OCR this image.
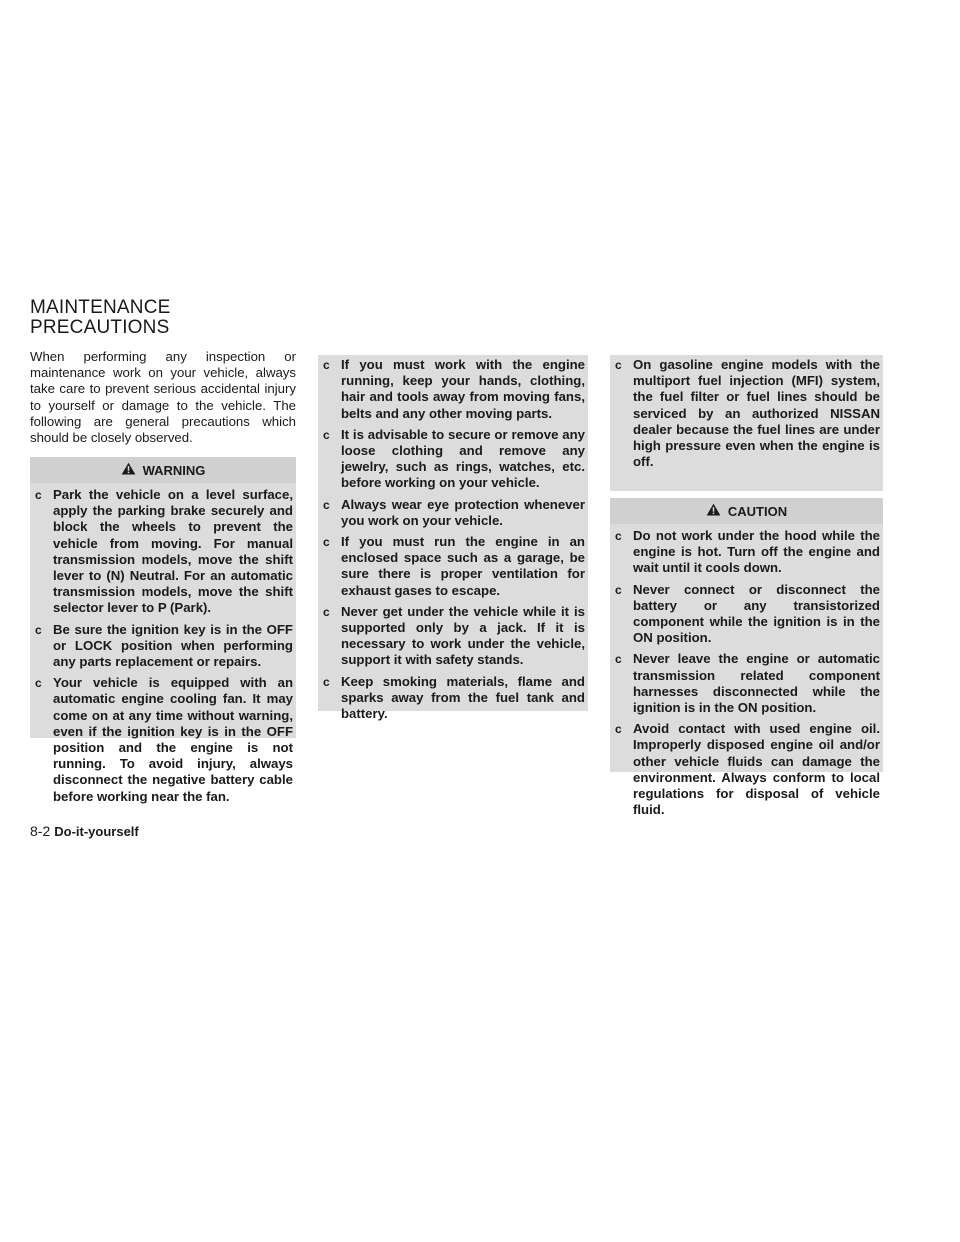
MAINTENANCE
PRECAUTIONS
When performing any inspection or maintenance work on your vehicle, always take care to prevent serious accidental injury to yourself or damage to the vehicle. The following are general precautions which should be closely observed.
WARNING
c Park the vehicle on a level surface, apply the parking brake securely and block the wheels to prevent the vehicle from moving. For manual transmission models, move the shift lever to (N) Neutral. For an automatic transmission models, move the shift selector lever to P (Park).
c Be sure the ignition key is in the OFF or LOCK position when performing any parts replacement or repairs.
c Your vehicle is equipped with an automatic engine cooling fan. It may come on at any time without warning, even if the ignition key is in the OFF position and the engine is not running. To avoid injury, always disconnect the negative battery cable before working near the fan.
c If you must work with the engine running, keep your hands, clothing, hair and tools away from moving fans, belts and any other moving parts.
c It is advisable to secure or remove any loose clothing and remove any jewelry, such as rings, watches, etc. before working on your vehicle.
c Always wear eye protection whenever you work on your vehicle.
c If you must run the engine in an enclosed space such as a garage, be sure there is proper ventilation for exhaust gases to escape.
c Never get under the vehicle while it is supported only by a jack. If it is necessary to work under the vehicle, support it with safety stands.
c Keep smoking materials, flame and sparks away from the fuel tank and battery.
c On gasoline engine models with the multiport fuel injection (MFI) system, the fuel filter or fuel lines should be serviced by an authorized NISSAN dealer because the fuel lines are under high pressure even when the engine is off.
CAUTION
c Do not work under the hood while the engine is hot. Turn off the engine and wait until it cools down.
c Never connect or disconnect the battery or any transistorized component while the ignition is in the ON position.
c Never leave the engine or automatic transmission related component harnesses disconnected while the ignition is in the ON position.
c Avoid contact with used engine oil. Improperly disposed engine oil and/or other vehicle fluids can damage the environment. Always conform to local regulations for disposal of vehicle fluid.
8-2 Do-it-yourself
